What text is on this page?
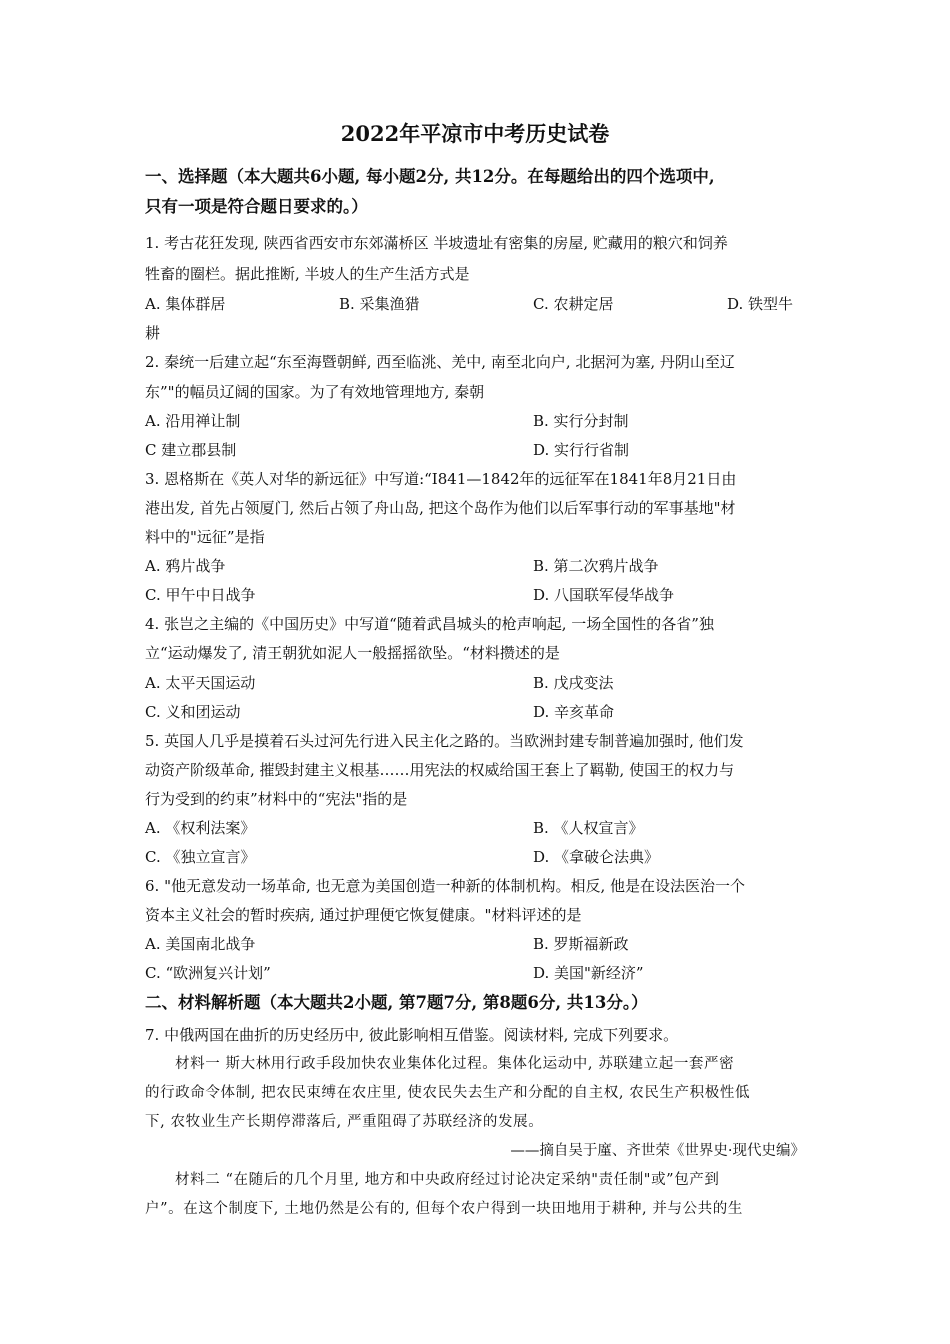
2022年平凉市中考历史试卷
一、选择题（本大题共6小题, 每小题2分, 共12分。在每题给出的四个选项中,
只有一项是符合题日要求的。）
1. 考古花狂发现, 陕西省西安市东郊滿桥区 半坡遗址有密集的房屋, 贮藏用的粮穴和饲养
牲畜的圈栏。据此推断, 半坡人的生产生活方式是
A. 集体群居	B. 采集渔猎	C. 农耕定居	D. 铁型牛
耕
2. 秦统一后建立起“东至海暨朝鲜, 西至临洮、羌中, 南至北向户, 北据河为塞, 丹阴山至辽
东”"的幅员辽阔的国家。为了有效地管理地方, 秦朝
A. 沿用禅让制	B. 实行分封制
C 建立郡县制	D. 实行行省制
3. 恩格斯在《英人对华的新远征》中写道:“I841—1842年的远征军在1841年8月21日由
港出发, 首先占领厦门, 然后占领了舟山岛, 把这个岛作为他们以后军事行动的军事基地"材
料中的"远征”是指
A. 鸦片战争	B. 第二次鸦片战争
C. 甲午中日战争	D. 八国联军侵华战争
4. 张岂之主编的《中国历史》中写道“随着武昌城头的枪声响起, 一场全国性的各省”独
立“运动爆发了, 清王朝犹如泥人一般摇摇欲坠。“材料攒述的是
A. 太平天国运动	B. 戊戌变法
C. 义和团运动	D. 辛亥革命
5. 英国人几乎是摸着石头过河先行进入民主化之路的。当欧洲封建专制普遍加强时, 他们发
动资产阶级革命, 摧毁封建主义根基……用宪法的权威给国王套上了羁勒, 使国王的权力与
行为受到的约束”材料中的“宪法"指的是
A. 《权利法案》	B. 《人权宣言》
C. 《独立宣言》	D. 《拿破仑法典》
6. "他无意发动一场革命, 也无意为美国创造一种新的体制机构。相反, 他是在设法医治一个
资本主义社会的暂时疾病, 通过护理便它恢复健康。"材料评述的是
A. 美国南北战争	B. 罗斯福新政
C. “欧洲复兴计划”	D. 美国"新经济”
二、材料解析题（本大题共2小题, 第7题7分, 第8题6分, 共13分。）
7. 中俄两国在曲折的历史经历中, 彼此影响相互借鉴。阅读材料, 完成下列要求。
材料一 斯大林用行政手段加快农业集体化过程。集体化运动中, 苏联建立起一套严密
的行政命令体制, 把农民束缚在农庄里, 使农民失去生产和分配的自主权, 农民生产积极性低
下, 农牧业生产长期停滞落后, 严重阻碍了苏联经济的发展。
——摘自吴于廑、齐世荣《世界史·现代史编》
材料二 “在随后的几个月里, 地方和中央政府经过讨论决定采纳"责任制"或”包产到
户”。在这个制度下, 土地仍然是公有的, 但每个农户得到一块田地用于耕种, 并与公共的生
